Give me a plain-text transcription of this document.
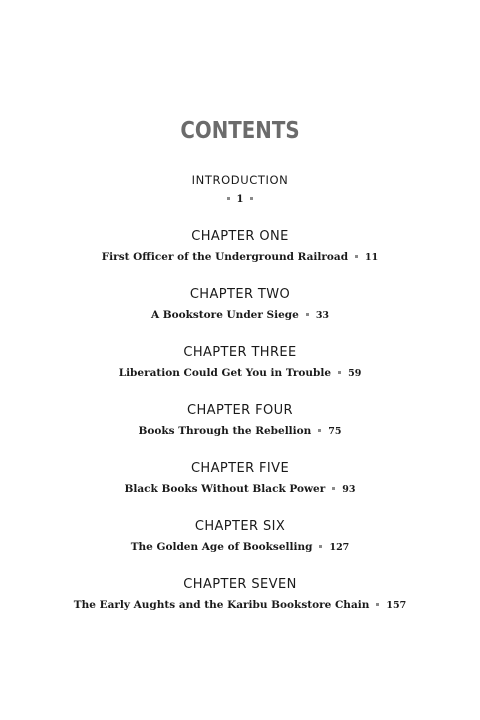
CONTENTS
INTRODUCTION
1
CHAPTER ONE
First Officer of the Underground Railroad 11
CHAPTER TWO
A Bookstore Under Siege 33
CHAPTER THREE
Liberation Could Get You in Trouble 59
CHAPTER FOUR
Books Through the Rebellion 75
CHAPTER FIVE
Black Books Without Black Power 93
CHAPTER SIX
The Golden Age of Bookselling 127
CHAPTER SEVEN
The Early Aughts and the Karibu Bookstore Chain 157
